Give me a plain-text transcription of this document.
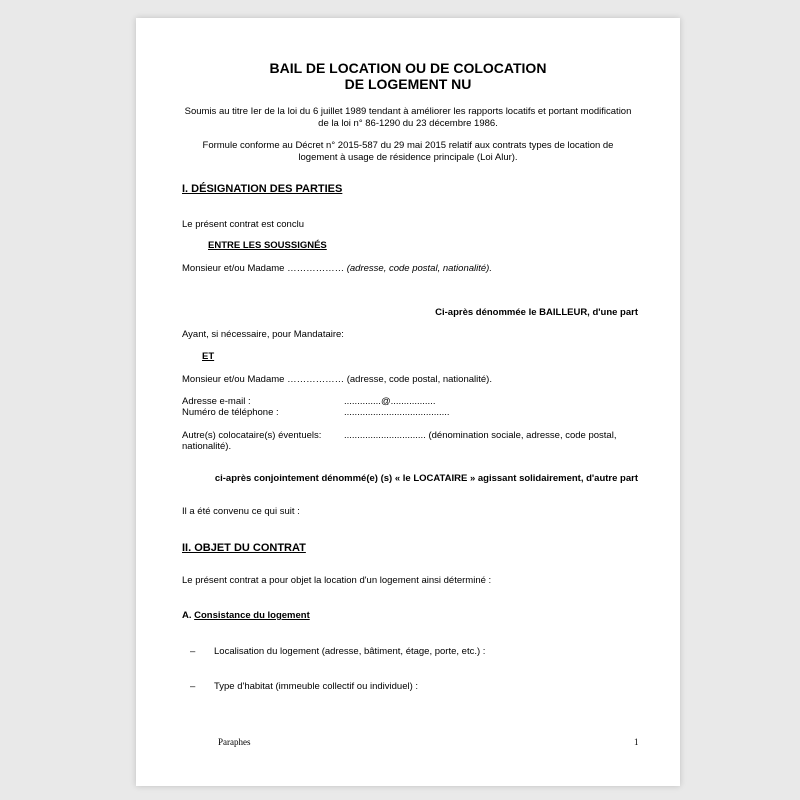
BAIL DE LOCATION OU DE COLOCATION
DE LOGEMENT NU
Soumis au titre Ier de la loi du 6 juillet 1989 tendant à améliorer les rapports locatifs et portant modification
de la loi n° 86-1290 du 23 décembre 1986.
Formule conforme au Décret n° 2015-587 du 29 mai 2015 relatif aux contrats types de location de
logement à usage de résidence principale (Loi Alur).
I. DÉSIGNATION DES PARTIES
Le présent contrat est conclu
ENTRE LES SOUSSIGNÉS
Monsieur et/ou Madame ……………… (adresse, code postal, nationalité).
Ci-après dénommée le BAILLEUR, d'une part
Ayant, si nécessaire, pour Mandataire:
ET
Monsieur et/ou Madame ……………… (adresse, code postal, nationalité).
Adresse e-mail :	..............@.................
Numéro de téléphone :	........................................
Autre(s) colocataire(s) éventuels: ............................... (dénomination sociale, adresse, code postal,
nationalité).
ci-après conjointement dénommé(e) (s) « le LOCATAIRE » agissant solidairement, d'autre part
Il a été convenu ce qui suit :
II. OBJET DU CONTRAT
Le présent contrat a pour objet la location d'un logement ainsi déterminé :
A. Consistance du logement
– Localisation du logement (adresse, bâtiment, étage, porte, etc.) :
– Type d'habitat (immeuble collectif ou individuel) :
Paraphes	1
